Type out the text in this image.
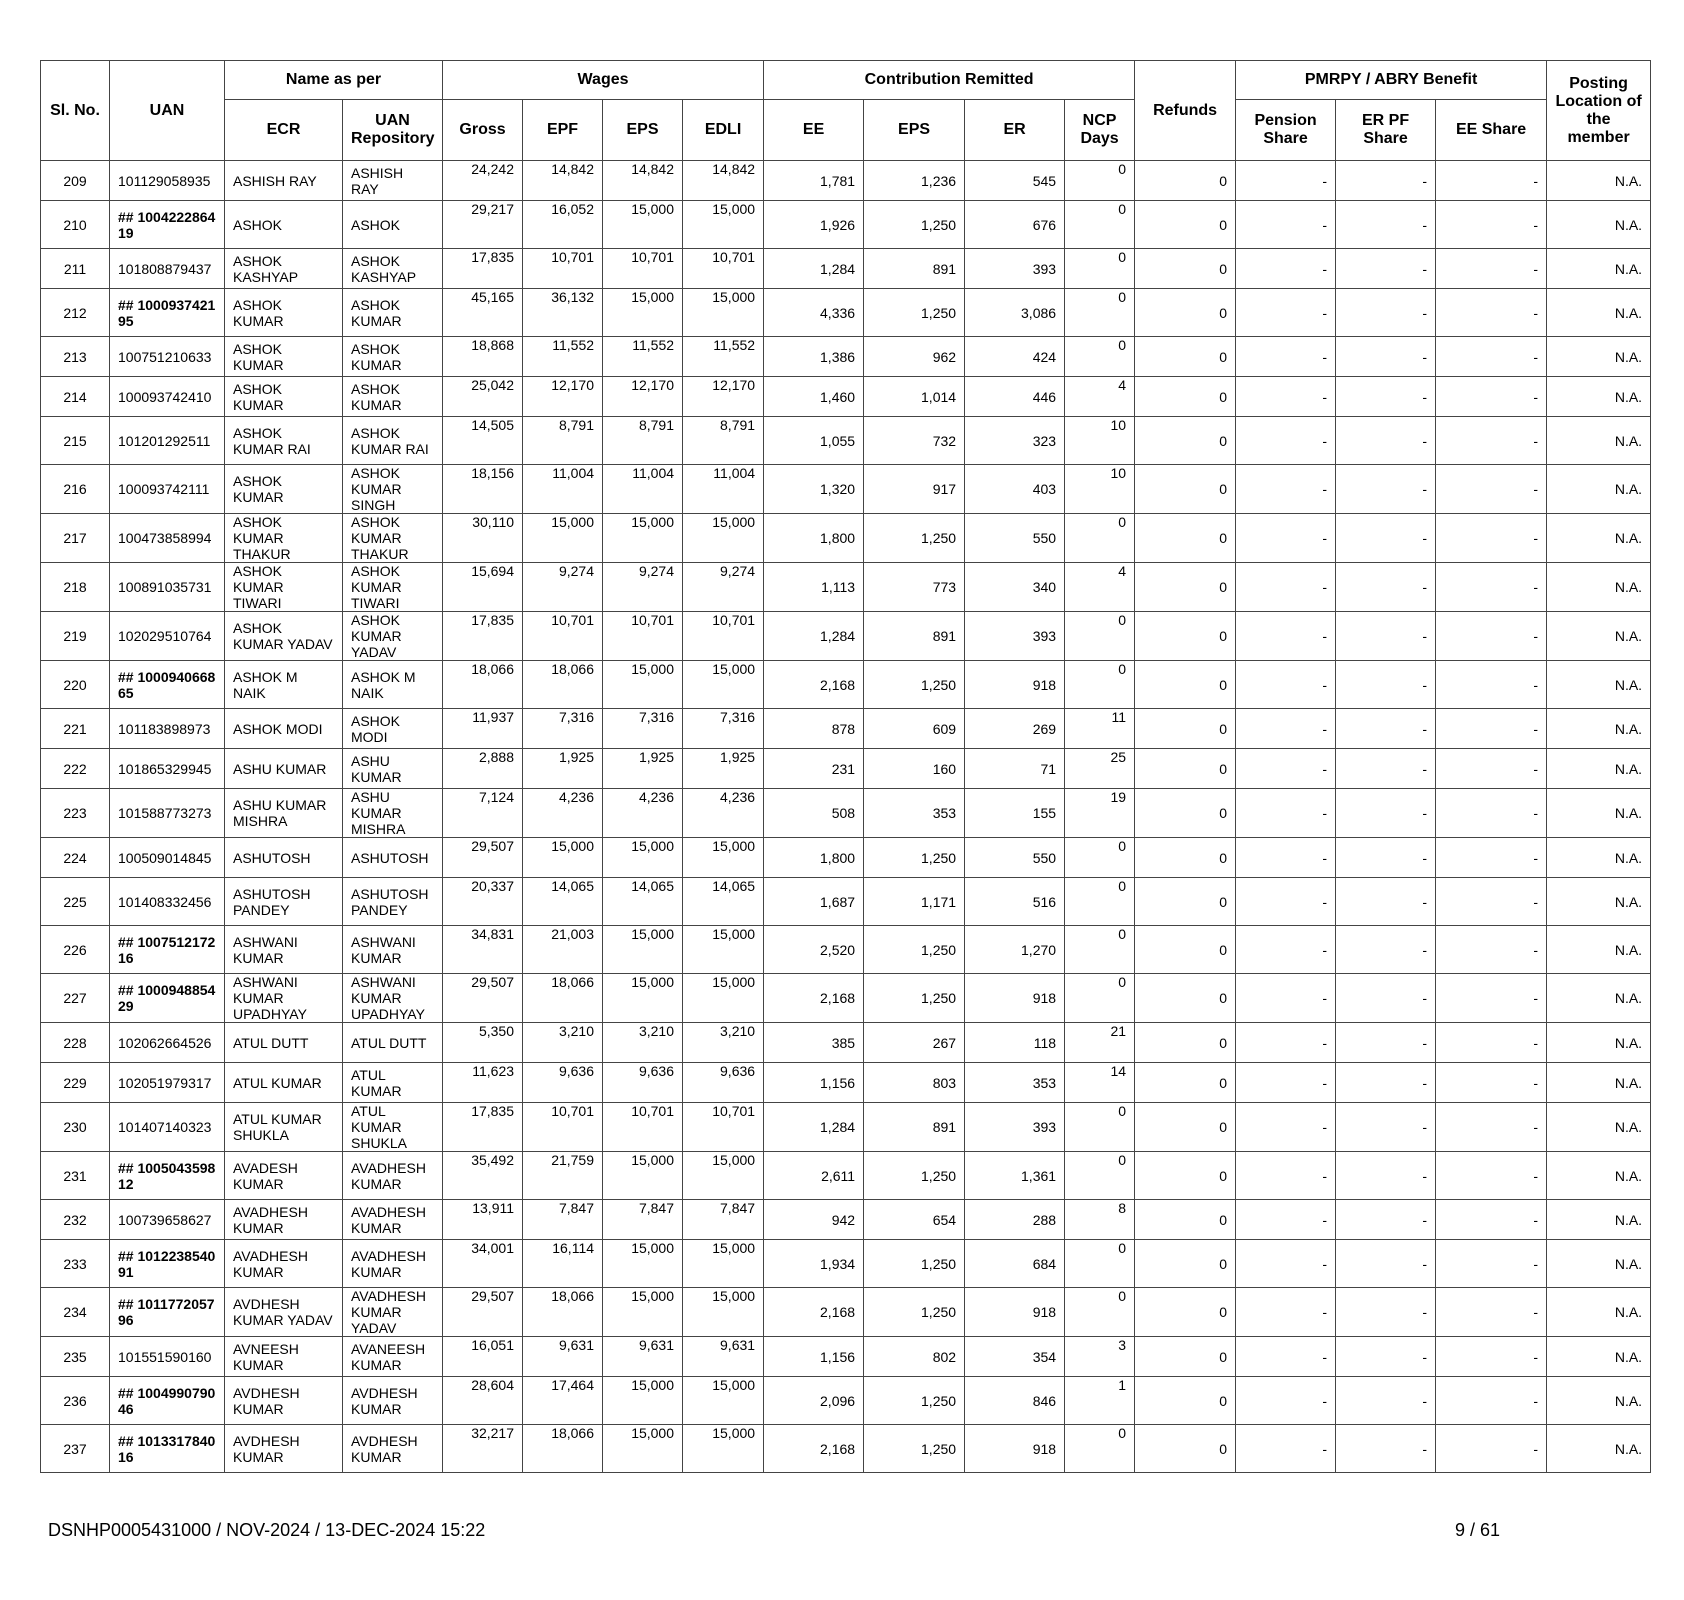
Sl. No.	UAN	Name as per		Wages				Contribution Remitted				Refunds	PMRPY / ABRY Benefit			Posting Location of the member
		ECR	UAN Repository	Gross	EPF	EPS	EDLI	EE	EPS	ER	NCP Days		Pension Share	ER PF Share	EE Share	
209	101129058935	ASHISH RAY	ASHISH RAY	24,242	14,842	14,842	14,842	1,781	1,236	545	0	0	-	-	-	N.A.
210	## 100422286419	ASHOK	ASHOK	29,217	16,052	15,000	15,000	1,926	1,250	676	0	0	-	-	-	N.A.
211	101808879437	ASHOK KASHYAP	ASHOK KASHYAP	17,835	10,701	10,701	10,701	1,284	891	393	0	0	-	-	-	N.A.
212	## 100093742195	ASHOK KUMAR	ASHOK KUMAR	45,165	36,132	15,000	15,000	4,336	1,250	3,086	0	0	-	-	-	N.A.
213	100751210633	ASHOK KUMAR	ASHOK KUMAR	18,868	11,552	11,552	11,552	1,386	962	424	0	0	-	-	-	N.A.
214	100093742410	ASHOK KUMAR	ASHOK KUMAR	25,042	12,170	12,170	12,170	1,460	1,014	446	4	0	-	-	-	N.A.
215	101201292511	ASHOK KUMAR RAI	ASHOK KUMAR RAI	14,505	8,791	8,791	8,791	1,055	732	323	10	0	-	-	-	N.A.
216	100093742111	ASHOK KUMAR	ASHOK KUMAR SINGH	18,156	11,004	11,004	11,004	1,320	917	403	10	0	-	-	-	N.A.
217	100473858994	ASHOK KUMAR THAKUR	ASHOK KUMAR THAKUR	30,110	15,000	15,000	15,000	1,800	1,250	550	0	0	-	-	-	N.A.
218	100891035731	ASHOK KUMAR TIWARI	ASHOK KUMAR TIWARI	15,694	9,274	9,274	9,274	1,113	773	340	4	0	-	-	-	N.A.
219	102029510764	ASHOK KUMAR YADAV	ASHOK KUMAR YADAV	17,835	10,701	10,701	10,701	1,284	891	393	0	0	-	-	-	N.A.
220	## 100094066865	ASHOK M NAIK	ASHOK M NAIK	18,066	18,066	15,000	15,000	2,168	1,250	918	0	0	-	-	-	N.A.
221	101183898973	ASHOK MODI	ASHOK MODI	11,937	7,316	7,316	7,316	878	609	269	11	0	-	-	-	N.A.
222	101865329945	ASHU KUMAR	ASHU KUMAR	2,888	1,925	1,925	1,925	231	160	71	25	0	-	-	-	N.A.
223	101588773273	ASHU KUMAR MISHRA	ASHU KUMAR MISHRA	7,124	4,236	4,236	4,236	508	353	155	19	0	-	-	-	N.A.
224	100509014845	ASHUTOSH	ASHUTOSH	29,507	15,000	15,000	15,000	1,800	1,250	550	0	0	-	-	-	N.A.
225	101408332456	ASHUTOSH PANDEY	ASHUTOSH PANDEY	20,337	14,065	14,065	14,065	1,687	1,171	516	0	0	-	-	-	N.A.
226	## 100751217216	ASHWANI KUMAR	ASHWANI KUMAR	34,831	21,003	15,000	15,000	2,520	1,250	1,270	0	0	-	-	-	N.A.
227	## 100094885429	ASHWANI KUMAR UPADHYAY	ASHWANI KUMAR UPADHYAY	29,507	18,066	15,000	15,000	2,168	1,250	918	0	0	-	-	-	N.A.
228	102062664526	ATUL DUTT	ATUL DUTT	5,350	3,210	3,210	3,210	385	267	118	21	0	-	-	-	N.A.
229	102051979317	ATUL KUMAR	ATUL KUMAR	11,623	9,636	9,636	9,636	1,156	803	353	14	0	-	-	-	N.A.
230	101407140323	ATUL KUMAR SHUKLA	ATUL KUMAR SHUKLA	17,835	10,701	10,701	10,701	1,284	891	393	0	0	-	-	-	N.A.
231	## 100504359812	AVADESH KUMAR	AVADHESH KUMAR	35,492	21,759	15,000	15,000	2,611	1,250	1,361	0	0	-	-	-	N.A.
232	100739658627	AVADHESH KUMAR	AVADHESH KUMAR	13,911	7,847	7,847	7,847	942	654	288	8	0	-	-	-	N.A.
233	## 101223854091	AVADHESH KUMAR	AVADHESH KUMAR	34,001	16,114	15,000	15,000	1,934	1,250	684	0	0	-	-	-	N.A.
234	## 101177205796	AVDHESH KUMAR YADAV	AVADHESH KUMAR YADAV	29,507	18,066	15,000	15,000	2,168	1,250	918	0	0	-	-	-	N.A.
235	101551590160	AVNEESH KUMAR	AVANEESH KUMAR	16,051	9,631	9,631	9,631	1,156	802	354	3	0	-	-	-	N.A.
236	## 100499079046	AVDHESH KUMAR	AVDHESH KUMAR	28,604	17,464	15,000	15,000	2,096	1,250	846	1	0	-	-	-	N.A.
237	## 101331784016	AVDHESH KUMAR	AVDHESH KUMAR	32,217	18,066	15,000	15,000	2,168	1,250	918	0	0	-	-	-	N.A.
DSNHP0005431000 / NOV-2024 / 13-DEC-2024 15:22	9 / 61
